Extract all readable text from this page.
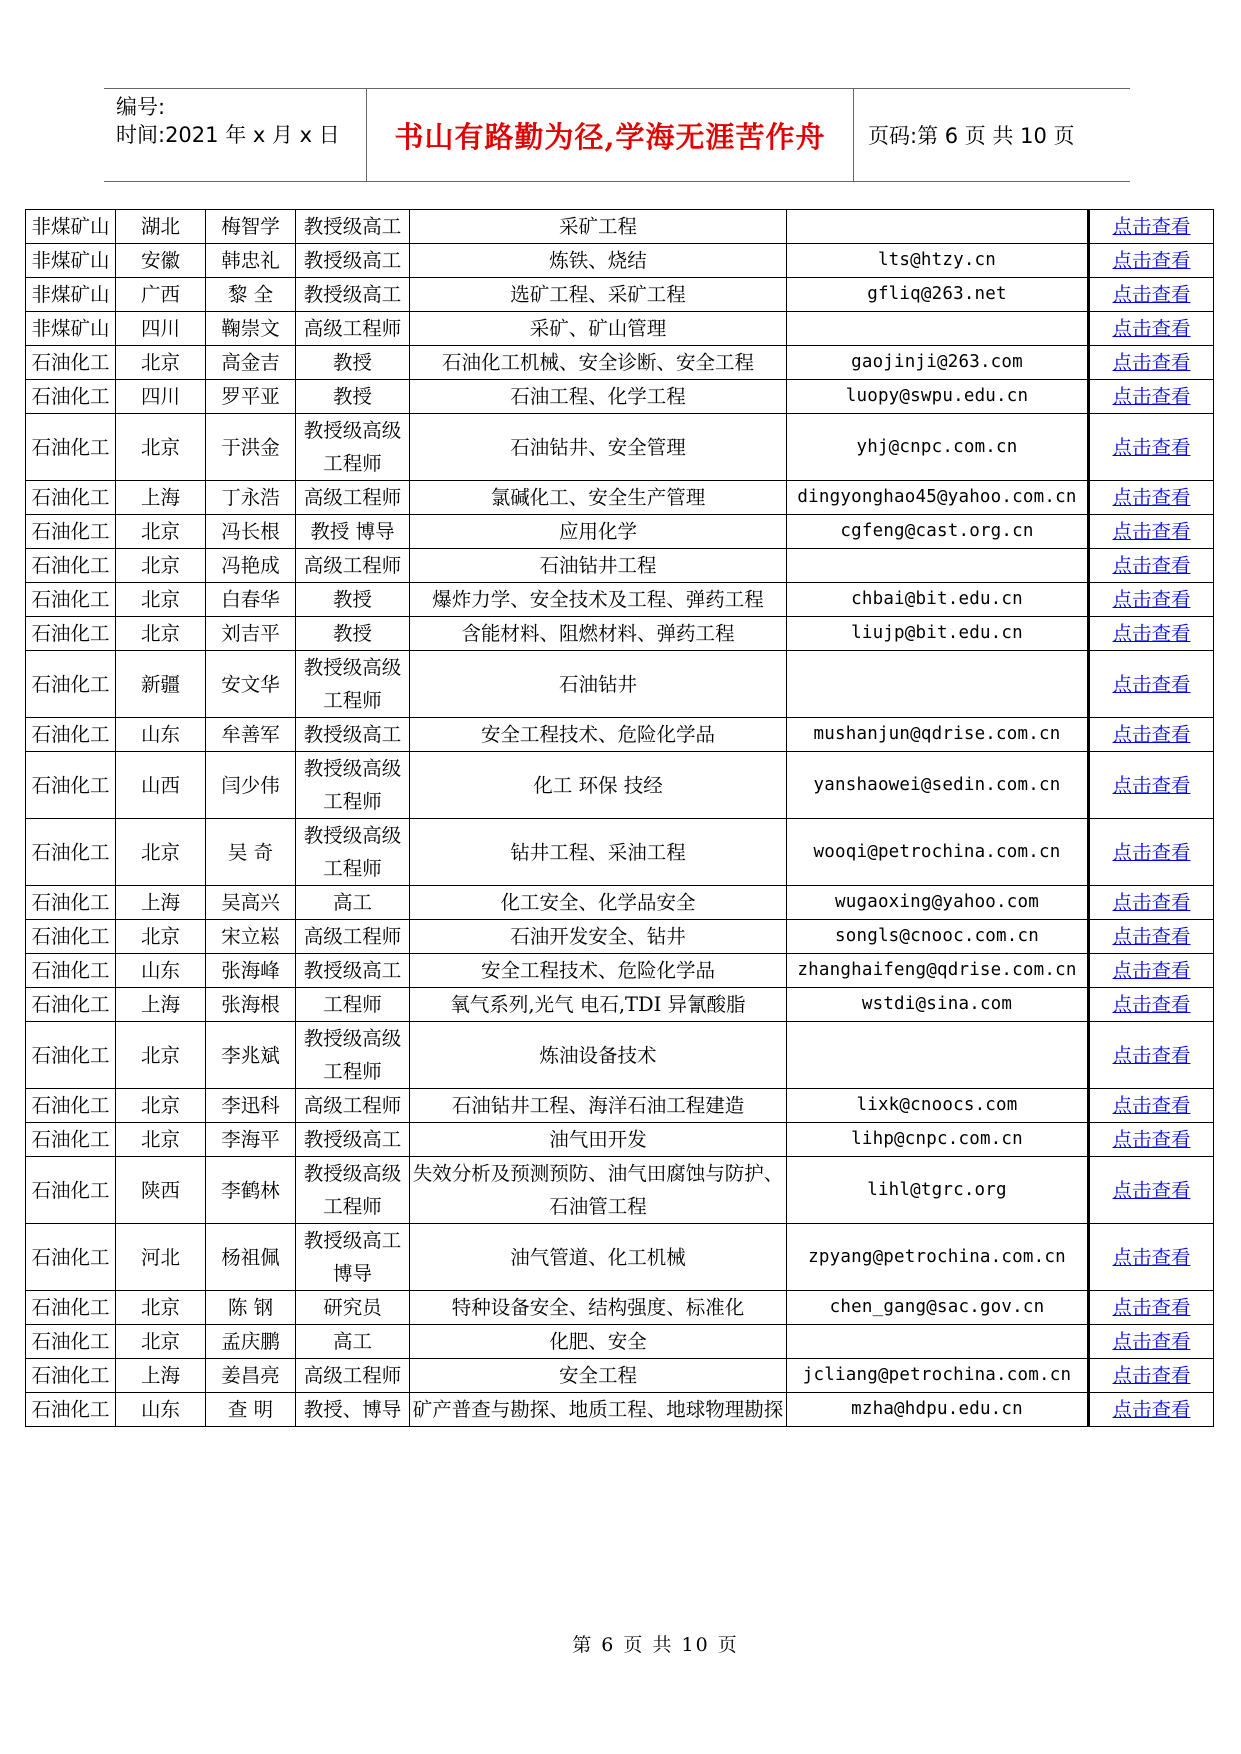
编号:
时间:2021 年 x 月 x 日	书山有路勤为径,学海无涯苦作舟	页码:第 6 页 共 10 页
非煤矿山	湖北	梅智学	教授级高工	采矿工程		点击查看
非煤矿山	安徽	韩忠礼	教授级高工	炼铁、烧结	lts@htzy.cn	点击查看
非煤矿山	广西	黎 全	教授级高工	选矿工程、采矿工程	gfliq@263.net	点击查看
非煤矿山	四川	鞠崇文	高级工程师	采矿、矿山管理		点击查看
石油化工	北京	高金吉	教授	石油化工机械、安全诊断、安全工程	gaojinji@263.com	点击查看
石油化工	四川	罗平亚	教授	石油工程、化学工程	luopy@swpu.edu.cn	点击查看
石油化工	北京	于洪金	教授级高级工程师	石油钻井、安全管理	yhj@cnpc.com.cn	点击查看
石油化工	上海	丁永浩	高级工程师	氯碱化工、安全生产管理	dingyonghao45@yahoo.com.cn	点击查看
石油化工	北京	冯长根	教授 博导	应用化学	cgfeng@cast.org.cn	点击查看
石油化工	北京	冯艳成	高级工程师	石油钻井工程		点击查看
石油化工	北京	白春华	教授	爆炸力学、安全技术及工程、弹药工程	chbai@bit.edu.cn	点击查看
石油化工	北京	刘吉平	教授	含能材料、阻燃材料、弹药工程	liujp@bit.edu.cn	点击查看
石油化工	新疆	安文华	教授级高级工程师	石油钻井		点击查看
石油化工	山东	牟善军	教授级高工	安全工程技术、危险化学品	mushanjun@qdrise.com.cn	点击查看
石油化工	山西	闫少伟	教授级高级工程师	化工 环保 技经	yanshaowei@sedin.com.cn	点击查看
石油化工	北京	吴 奇	教授级高级工程师	钻井工程、采油工程	wooqi@petrochina.com.cn	点击查看
石油化工	上海	吴高兴	高工	化工安全、化学品安全	wugaoxing@yahoo.com	点击查看
石油化工	北京	宋立崧	高级工程师	石油开发安全、钻井	songls@cnooc.com.cn	点击查看
石油化工	山东	张海峰	教授级高工	安全工程技术、危险化学品	zhanghaifeng@qdrise.com.cn	点击查看
石油化工	上海	张海根	工程师	氧气系列,光气 电石,TDI 异氰酸脂	wstdi@sina.com	点击查看
石油化工	北京	李兆斌	教授级高级工程师	炼油设备技术		点击查看
石油化工	北京	李迅科	高级工程师	石油钻井工程、海洋石油工程建造	lixk@cnoocs.com	点击查看
石油化工	北京	李海平	教授级高工	油气田开发	lihp@cnpc.com.cn	点击查看
石油化工	陕西	李鹤林	教授级高级工程师	失效分析及预测预防、油气田腐蚀与防护、石油管工程	lihl@tgrc.org	点击查看
石油化工	河北	杨祖佩	教授级高工博导	油气管道、化工机械	zpyang@petrochina.com.cn	点击查看
石油化工	北京	陈 钢	研究员	特种设备安全、结构强度、标准化	chen_gang@sac.gov.cn	点击查看
石油化工	北京	孟庆鹏	高工	化肥、安全		点击查看
石油化工	上海	姜昌亮	高级工程师	安全工程	jcliang@petrochina.com.cn	点击查看
石油化工	山东	查 明	教授、博导	矿产普查与勘探、地质工程、地球物理勘探	mzha@hdpu.edu.cn	点击查看
第 6 页 共 10 页
